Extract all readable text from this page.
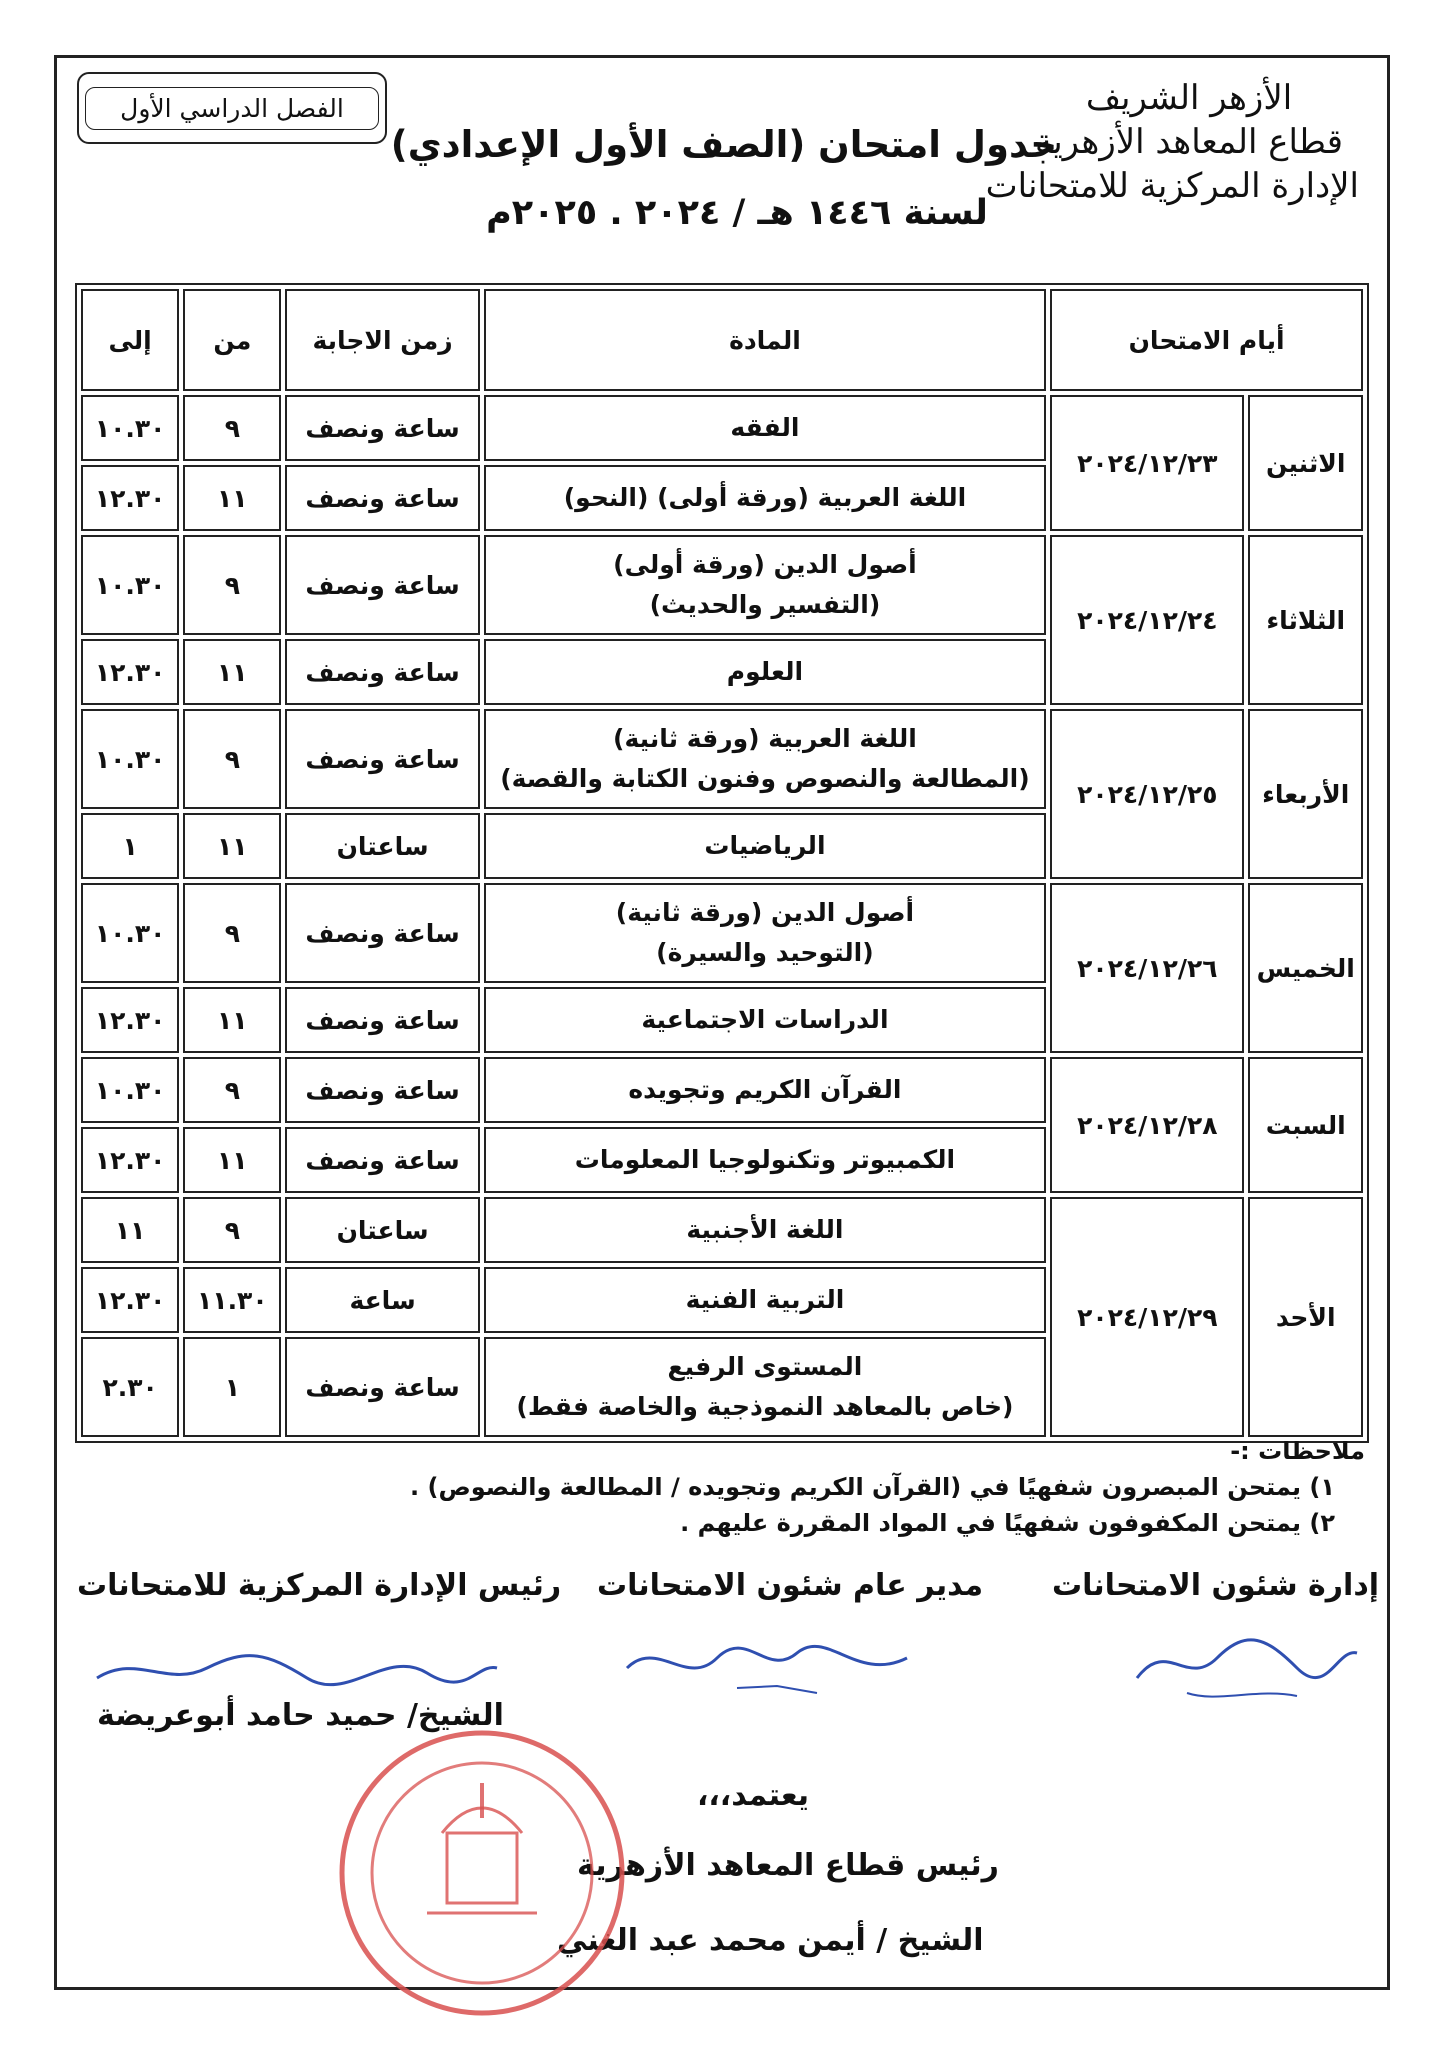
الأزهر الشريف
قطاع المعاهد الأزهرية
الإدارة المركزية للامتحانات
الفصل الدراسي الأول
جدول امتحان (الصف الأول الإعدادي)
لسنة ١٤٤٦ هـ / ٢٠٢٤ . ٢٠٢٥م
أيام الامتحان		المادة	زمن الاجابة	من	إلى
الاثنين	٢٠٢٤/١٢/٢٣	الفقه	ساعة ونصف	٩	١٠.٣٠

		اللغة العربية (ورقة أولى) (النحو)	ساعة ونصف	١١	١٢.٣٠
الثلاثاء	٢٠٢٤/١٢/٢٤	أصول الدين (ورقة أولى)
(التفسير والحديث)	ساعة ونصف	٩	١٠.٣٠

		العلوم	ساعة ونصف	١١	١٢.٣٠
الأربعاء	٢٠٢٤/١٢/٢٥	اللغة العربية (ورقة ثانية)
(المطالعة والنصوص وفنون الكتابة والقصة)	ساعة ونصف	٩	١٠.٣٠

		الرياضيات	ساعتان	١١	١
الخميس	٢٠٢٤/١٢/٢٦	أصول الدين (ورقة ثانية)
(التوحيد والسيرة)	ساعة ونصف	٩	١٠.٣٠

		الدراسات الاجتماعية	ساعة ونصف	١١	١٢.٣٠
السبت	٢٠٢٤/١٢/٢٨	القرآن الكريم وتجويده	ساعة ونصف	٩	١٠.٣٠

		الكمبيوتر وتكنولوجيا المعلومات	ساعة ونصف	١١	١٢.٣٠
الأحد	٢٠٢٤/١٢/٢٩	اللغة الأجنبية	ساعتان	٩	١١

		التربية الفنية	ساعة	١١.٣٠	١٢.٣٠

		المستوى الرفيع
(خاص بالمعاهد النموذجية والخاصة فقط)	ساعة ونصف	١	٢.٣٠
ملاحظات :-
١) يمتحن المبصرون شفهيًا في (القرآن الكريم وتجويده / المطالعة والنصوص) .
٢) يمتحن المكفوفون شفهيًا في المواد المقررة عليهم .
إدارة شئون الامتحانات
مدير عام شئون الامتحانات
رئيس الإدارة المركزية للامتحانات
الشيخ/ حميد حامد أبوعريضة
يعتمد،،،
رئيس قطاع المعاهد الأزهرية
الشيخ / أيمن محمد عبد الغني
